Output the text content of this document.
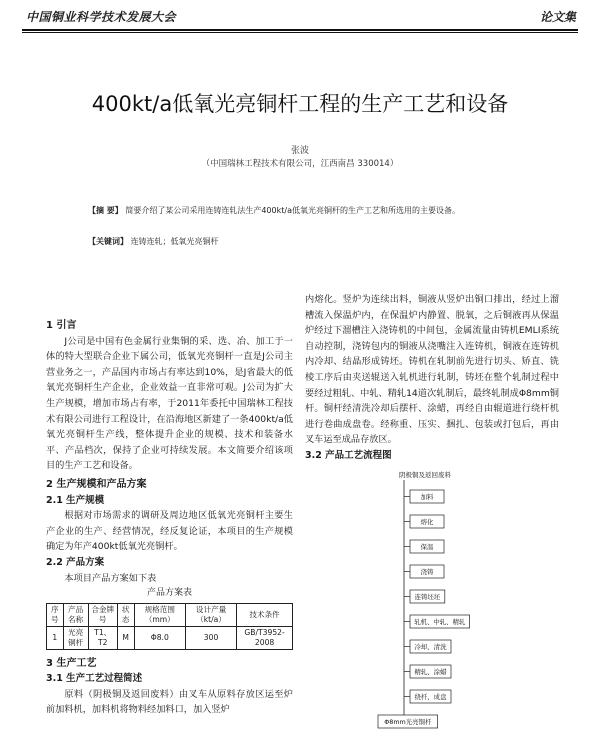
中国铜业科学技术发展大会	论文集
400kt/a低氧光亮铜杆工程的生产工艺和设备
张波
（中国瑞林工程技术有限公司，江西南昌 330014）
【摘 要】 简要介绍了某公司采用连铸连轧法生产400kt/a低氧光亮铜杆的生产工艺和所选用的主要设备。
【关键词】 连铸连轧；低氧光亮铜杆

1 引言

J公司是中国有色金属行业集铜的采、选、冶、加工于一体的特大型联合企业下属公司，低氧光亮铜杆一直是J公司主营业务之一，产品国内市场占有率达到10%，是J省最大的低氧光亮铜杆生产企业，企业效益一直非常可观。J公司为扩大生产规模，增加市场占有率，于2011年委托中国瑞林工程技术有限公司进行工程设计，在沿海地区新建了一条400kt/a低氧光亮铜杆生产线，整体提升企业的规模、技术和装备水平、产品档次，保持了企业可持续发展。本文简要介绍该项目的生产工艺和设备。

2 生产规模和产品方案

2.1 生产规模

根据对市场需求的调研及周边地区低氧光亮铜杆主要生产企业的生产、经营情况，经反复论证，本项目的生产规模确定为年产400kt低氧光亮铜杆。

2.2 产品方案

本项目产品方案如下表

产品方案表

序号	产品名称	合金牌号	状态	规格范围（mm）	设计产量（kt/a）	技术条件
1	光亮铜杆	T1、T2	M	Φ8.0	300	GB/T3952-2008

3 生产工艺

3.1 生产工艺过程简述

原料（阴极铜及返回废料）由叉车从原料存放区运至炉前加料机，加料机将物料经加料口，加入竖炉

内熔化。竖炉为连续出料，铜液从竖炉出铜口排出，经过上溜槽流入保温炉内，在保温炉内静置、脱氧，之后铜液再从保温炉经过下溜槽注入浇铸机的中间包，金属流量由铸机EMLI系统自动控制，浇铸包内的铜液从浇嘴注入连铸机，铜液在连铸机内冷却、结晶形成铸坯。铸机在轧制前先进行切头、矫直、铣棱工序后由夹送辊送入轧机进行轧制，铸坯在整个轧制过程中要经过粗轧、中轧、精轧14道次轧制后，最终轧制成Φ8mm铜杆。铜杆经清洗冷却后摆杆、涂蜡，再经自由辊道进行绕杆机进行卷曲成盘卷。经称重、压实、捆扎、包装或打包后，再由叉车运至成品存放区。

3.2 产品工艺流程图

阴极铜及返回废料
加料
熔化
保温
浇铸
连铸坯坯
轧机、中轧、精轧
冷却、清洗
精轧、涂蜡
绕杆、成盘
Φ8mm光亮铜杆
